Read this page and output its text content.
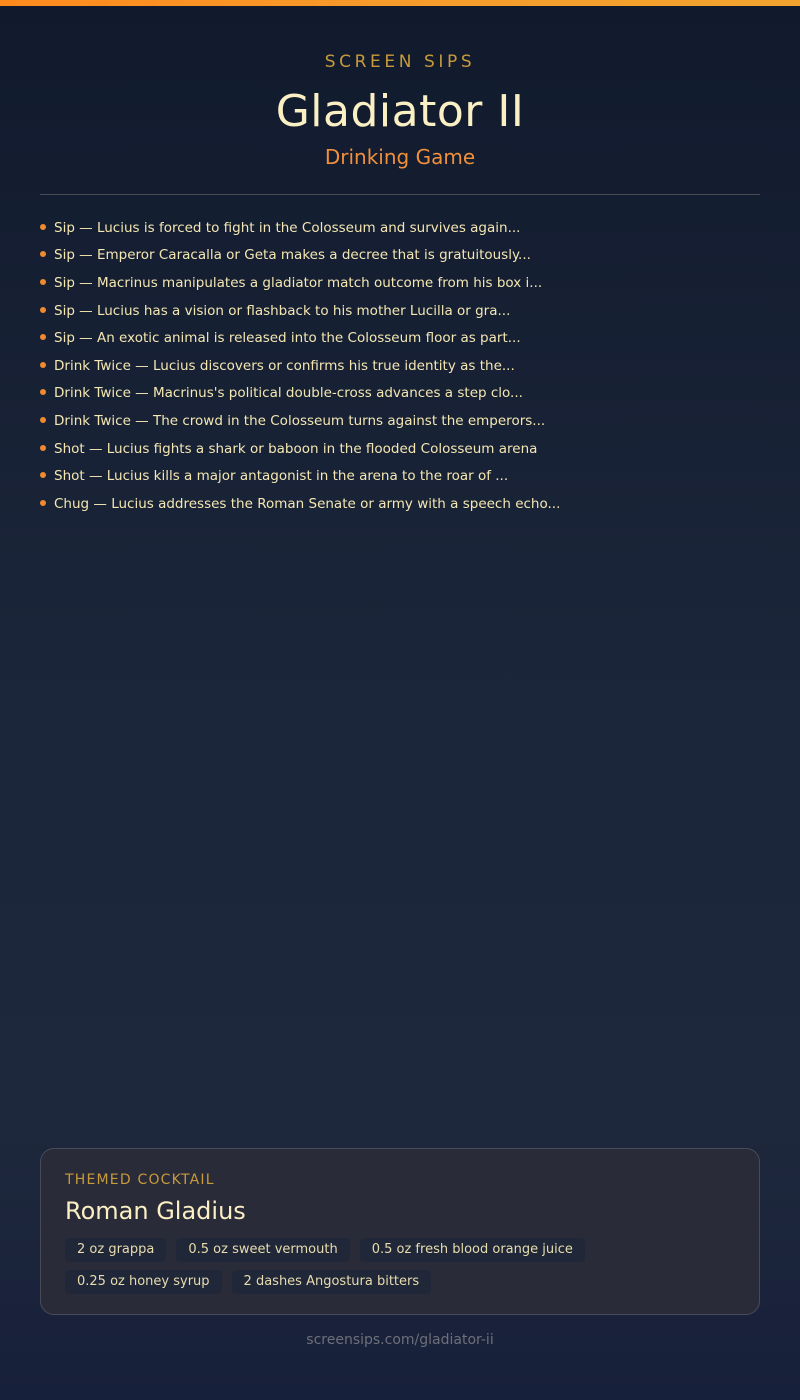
SCREEN SIPS
Gladiator II
Drinking Game
Sip — Lucius is forced to fight in the Colosseum and survives again...
Sip — Emperor Caracalla or Geta makes a decree that is gratuitously...
Sip — Macrinus manipulates a gladiator match outcome from his box i...
Sip — Lucius has a vision or flashback to his mother Lucilla or gra...
Sip — An exotic animal is released into the Colosseum floor as part...
Drink Twice — Lucius discovers or confirms his true identity as the...
Drink Twice — Macrinus's political double-cross advances a step clo...
Drink Twice — The crowd in the Colosseum turns against the emperors...
Shot — Lucius fights a shark or baboon in the flooded Colosseum arena
Shot — Lucius kills a major antagonist in the arena to the roar of ...
Chug — Lucius addresses the Roman Senate or army with a speech echo...
THEMED COCKTAIL
Roman Gladius
2 oz grappa	0.5 oz sweet vermouth	0.5 oz fresh blood orange juice
0.25 oz honey syrup	2 dashes Angostura bitters
screensips.com/gladiator-ii
